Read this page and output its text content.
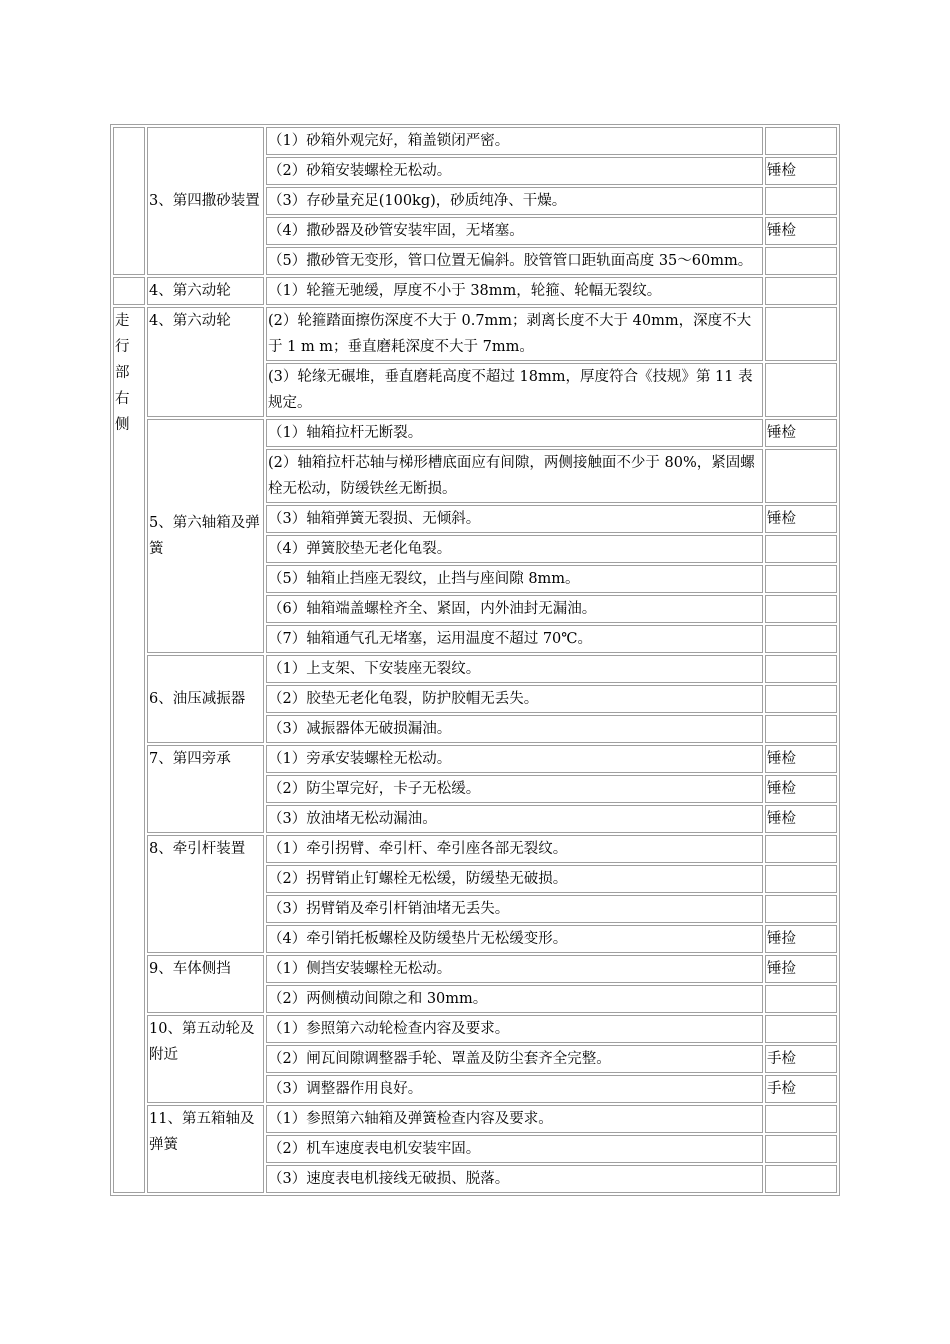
	3、第四撒砂装置	（1）砂箱外观完好，箱盖锁闭严密。	
		（2）砂箱安装螺栓无松动。	锤检
		（3）存砂量充足(100kg)，砂质纯净、干燥。	
		（4）撒砂器及砂管安装牢固，无堵塞。	锤检
		（5）撒砂管无变形，管口位置无偏斜。胶管管口距轨面高度 35～60mm。	
	4、第六动轮	（1）轮箍无驰缓，厚度不小于 38mm，轮箍、轮幅无裂纹。	
走行部右侧	4、第六动轮	(2）轮箍踏面擦伤深度不大于 0.7mm；剥离长度不大于 40mm，深度不大于 1 m m；垂直磨耗深度不大于 7mm。	
		(3）轮缘无碾堆，垂直磨耗高度不超过 18mm，厚度符合《技规》第 11 表规定。	
	5、第六轴箱及弹簧	（1）轴箱拉杆无断裂。	锤检
		(2）轴箱拉杆芯轴与梯形槽底面应有间隙，两侧接触面不少于 80%，紧固螺栓无松动，防缓铁丝无断损。	
		（3）轴箱弹簧无裂损、无倾斜。	锤检
		（4）弹簧胶垫无老化龟裂。	
		（5）轴箱止挡座无裂纹，止挡与座间隙 8mm。	
		（6）轴箱端盖螺栓齐全、紧固，内外油封无漏油。	
		（7）轴箱通气孔无堵塞，运用温度不超过 70℃。	
	6、油压减振器	（1）上支架、下安装座无裂纹。	
		（2）胶垫无老化龟裂，防护胶帽无丢失。	
		（3）减振器体无破损漏油。	
	7、第四旁承	（1）旁承安装螺栓无松动。	锤检
		（2）防尘罩完好，卡子无松缓。	锤检
		（3）放油堵无松动漏油。	锤检
	8、牵引杆装置	（1）牵引拐臂、牵引杆、牵引座各部无裂纹。	
		（2）拐臂销止钉螺栓无松缓，防缓垫无破损。	
		（3）拐臂销及牵引杆销油堵无丢失。	
		（4）牵引销托板螺栓及防缓垫片无松缓变形。	锤捡
	9、车体侧挡	（1）侧挡安装螺栓无松动。	锤捡
		（2）两侧横动间隙之和 30mm。	
	10、第五动轮及附近	（1）参照第六动轮检查内容及要求。	
		（2）闸瓦间隙调整器手轮、罩盖及防尘套齐全完整。	手检
		（3）调整器作用良好。	手检
	11、第五箱轴及弹簧	（1）参照第六轴箱及弹簧检查内容及要求。	
		（2）机车速度表电机安装牢固。	
		（3）速度表电机接线无破损、脱落。	
